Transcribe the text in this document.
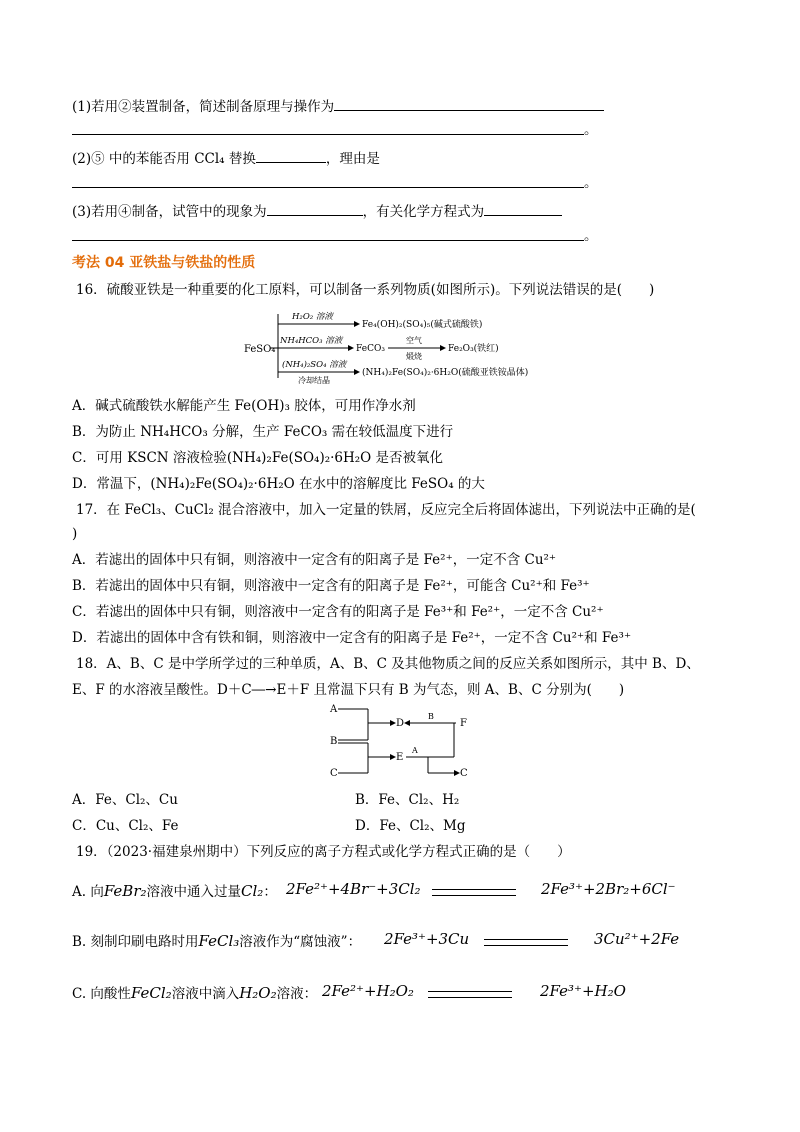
(1)若用②装置制备，简述制备原理与操作为
。
(2)⑤ 中的苯能否用 CCl₄ 替换	，理由是
。
(3)若用④制备，试管中的现象为	，有关化学方程式为
。
考法 04 亚铁盐与铁盐的性质
16．硫酸亚铁是一种重要的化工原料，可以制备一系列物质(如图所示)。下列说法错误的是(　　)
FeSO₄
H₂O₂ 溶液
Fe₄(OH)₂(SO₄)₅(碱式硫酸铁)
NH₄HCO₃ 溶液
FeCO₃
空气
煅烧
Fe₂O₃(铁红)
(NH₄)₂SO₄ 溶液
冷却结晶
(NH₄)₂Fe(SO₄)₂·6H₂O(硫酸亚铁铵晶体)
A．碱式硫酸铁水解能产生 Fe(OH)₃ 胶体，可用作净水剂
B．为防止 NH₄HCO₃ 分解，生产 FeCO₃ 需在较低温度下进行
C．可用 KSCN 溶液检验(NH₄)₂Fe(SO₄)₂·6H₂O 是否被氧化
D．常温下，(NH₄)₂Fe(SO₄)₂·6H₂O 在水中的溶解度比 FeSO₄ 的大
17．在 FeCl₃、CuCl₂ 混合溶液中，加入一定量的铁屑，反应完全后将固体滤出，下列说法中正确的是(
)
A．若滤出的固体中只有铜，则溶液中一定含有的阳离子是 Fe²⁺，一定不含 Cu²⁺
B．若滤出的固体中只有铜，则溶液中一定含有的阳离子是 Fe²⁺，可能含 Cu²⁺和 Fe³⁺
C．若滤出的固体中只有铜，则溶液中一定含有的阳离子是 Fe³⁺和 Fe²⁺，一定不含 Cu²⁺
D．若滤出的固体中含有铁和铜，则溶液中一定含有的阳离子是 Fe²⁺，一定不含 Cu²⁺和 Fe³⁺
18．A、B、C 是中学所学过的三种单质，A、B、C 及其他物质之间的反应关系如图所示，其中 B、D、
E、F 的水溶液呈酸性。D＋C―→E＋F 且常温下只有 B 为气态，则 A、B、C 分别为(　　)
A
B
C
D
E
F
B
A
C
A．Fe、Cl₂、Cu	B．Fe、Cl₂、H₂
C．Cu、Cl₂、Fe	D．Fe、Cl₂、Mg
19．（2023·福建泉州期中）下列反应的离子方程式或化学方程式正确的是（　　）
A. 向FeBr₂溶液中通入过量Cl₂： 2Fe²⁺+4Br⁻+3Cl₂	2Fe³⁺+2Br₂+6Cl⁻
B. 刻制印刷电路时用FeCl₃溶液作为“腐蚀液”： 2Fe³⁺+3Cu	3Cu²⁺+2Fe
C. 向酸性FeCl₂溶液中滴入H₂O₂溶液： 2Fe²⁺+H₂O₂	2Fe³⁺+H₂O
